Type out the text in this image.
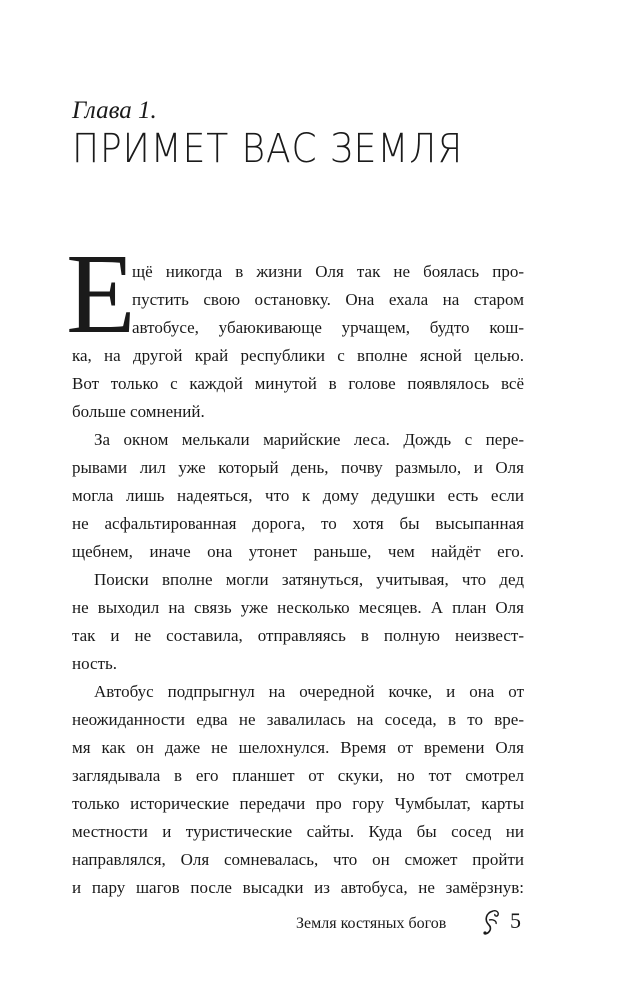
Глава 1.
ПРИМЕТ ВАС ЗЕМЛЯ
Е
щё никогда в жизни Оля так не боялась про-
пустить свою остановку. Она ехала на старом
автобусе, убаюкивающе урчащем, будто кош-
ка, на другой край республики с вполне ясной целью.
Вот только с каждой минутой в голове появлялось всё
больше сомнений.
За окном мелькали марийские леса. Дождь с пере-
рывами лил уже который день, почву размыло, и Оля
могла лишь надеяться, что к дому дедушки есть если
не асфальтированная дорога, то хотя бы высыпанная
щебнем, иначе она утонет раньше, чем найдёт его.
Поиски вполне могли затянуться, учитывая, что дед
не выходил на связь уже несколько месяцев. А план Оля
так и не составила, отправляясь в полную неизвест-
ность.
Автобус подпрыгнул на очередной кочке, и она от
неожиданности едва не завалилась на соседа, в то вре-
мя как он даже не шелохнулся. Время от времени Оля
заглядывала в его планшет от скуки, но тот смотрел
только исторические передачи про гору Чумбылат, карты
местности и туристические сайты. Куда бы сосед ни
направлялся, Оля сомневалась, что он сможет пройти
и пару шагов после высадки из автобуса, не замёрзнув:
Земля костяных богов	5
